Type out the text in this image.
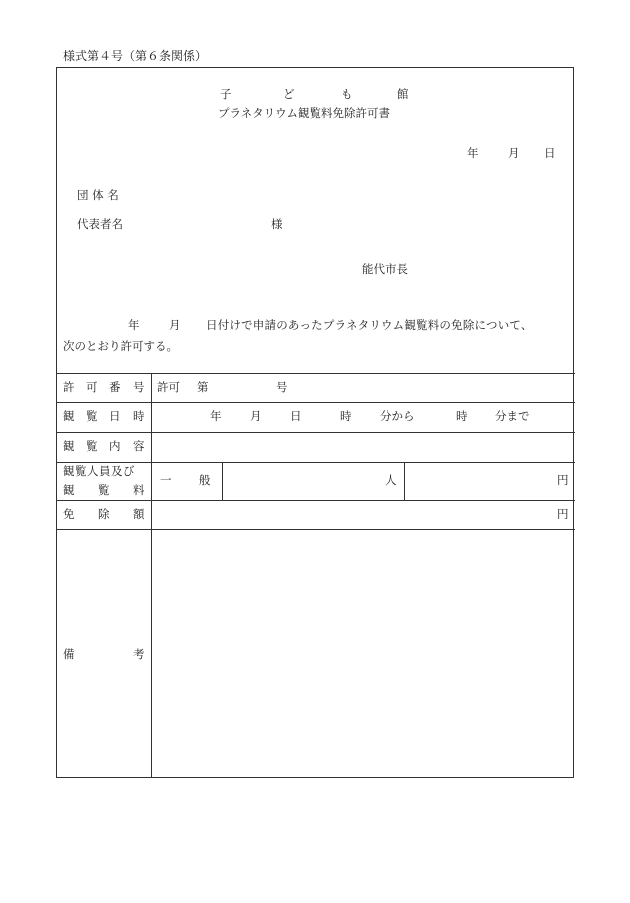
様式第４号（第６条関係）
子	ど	も	館
プラネタリウム観覧料免除許可書
年	月 日
団 体 名
代表者名	様
能代市長
年	月 日付けで申請のあったプラネタリウム観覧料の免除について、
次のとおり許可する。
許 可 番 号 許可 第	号
観 覧 日 時	年 月 日	時 分から	時 分まで
観 覧 内 容
観覧人員及び
観 覧 料
一 般	人	円
免 除 額	円
備	考
